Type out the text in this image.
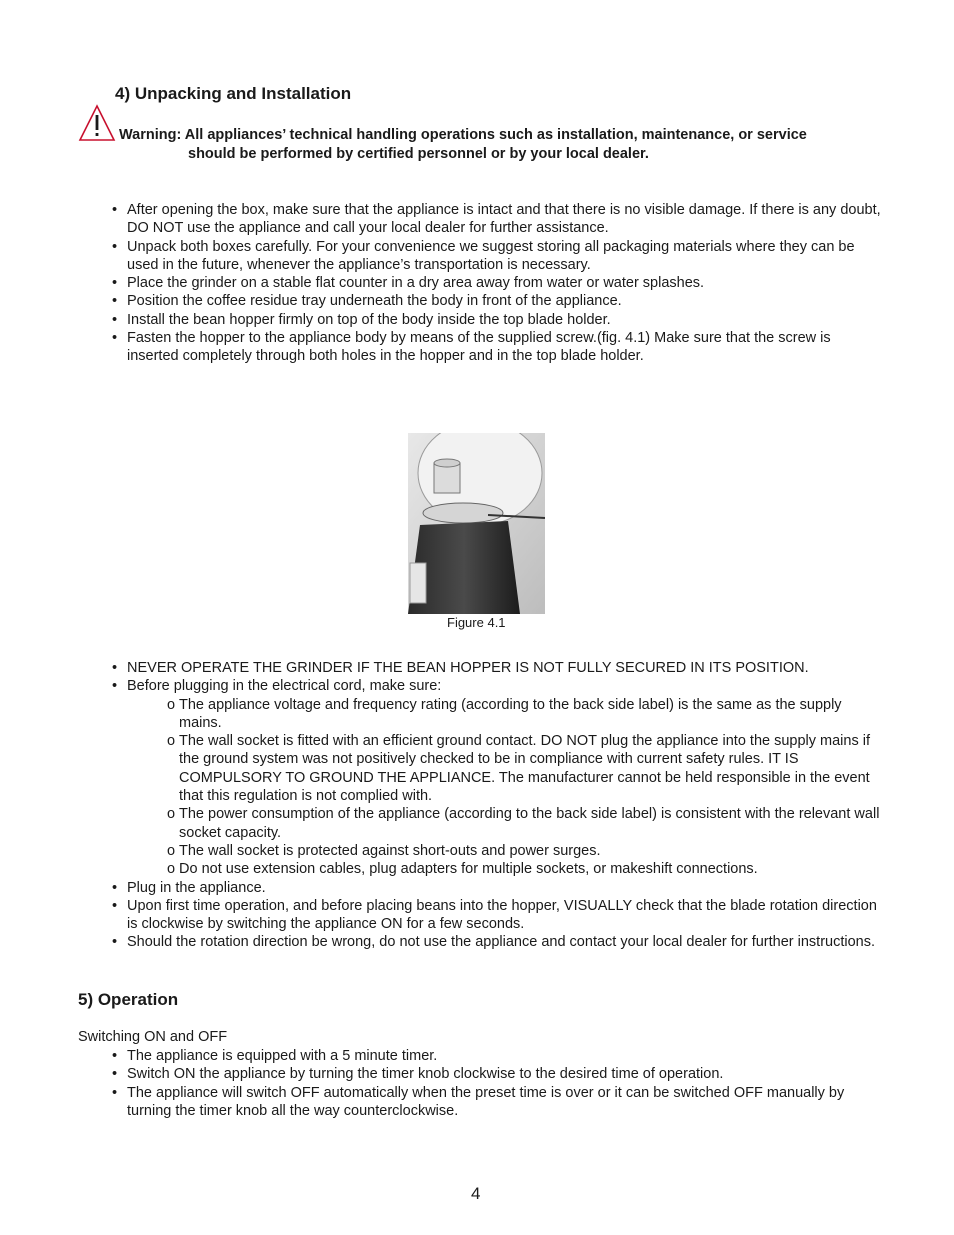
4) Unpacking and Installation
Warning: All appliances’ technical handling operations such as installation, maintenance, or service
should be performed by certified personnel or by your local dealer.
• After opening the box, make sure that the appliance is intact and that there is no visible damage. If there is any doubt, DO NOT use the appliance and call your local dealer for further assistance.
• Unpack both boxes carefully. For your convenience we suggest storing all packaging materials where they can be used in the future, whenever the appliance’s transportation is necessary.
• Place the grinder on a stable flat counter in a dry area away from water or water splashes.
• Position the coffee residue tray underneath the body in front of the appliance.
• Install the bean hopper firmly on top of the body inside the top blade holder.
• Fasten the hopper to the appliance body by means of the supplied screw.(fig. 4.1) Make sure that the screw is inserted completely through both holes in the hopper and in the top blade holder.
Figure 4.1
• NEVER OPERATE THE GRINDER IF THE BEAN HOPPER IS NOT FULLY SECURED IN ITS POSITION.
• Before plugging in the electrical cord, make sure:
o The appliance voltage and frequency rating (according to the back side label) is the same as the supply mains.
o The wall socket is fitted with an efficient ground contact. DO NOT plug the appliance into the supply mains if the ground system was not positively checked to be in compliance with current safety rules. IT IS COMPULSORY TO GROUND THE APPLIANCE. The manufacturer cannot be held responsible in the event that this regulation is not complied with.
o The power consumption of the appliance (according to the back side label) is consistent with the relevant wall socket capacity.
o The wall socket is protected against short-outs and power surges.
o Do not use extension cables, plug adapters for multiple sockets, or makeshift connections.
• Plug in the appliance.
• Upon first time operation, and before placing beans into the hopper, VISUALLY check that the blade rotation direction is clockwise by switching the appliance ON for a few seconds.
• Should the rotation direction be wrong, do not use the appliance and contact your local dealer for further instructions.
5) Operation
Switching ON and OFF
• The appliance is equipped with a 5 minute timer.
• Switch ON the appliance by turning the timer knob clockwise to the desired time of operation.
• The appliance will switch OFF automatically when the preset time is over or it can be switched OFF manually by turning the timer knob all the way counterclockwise.
4
